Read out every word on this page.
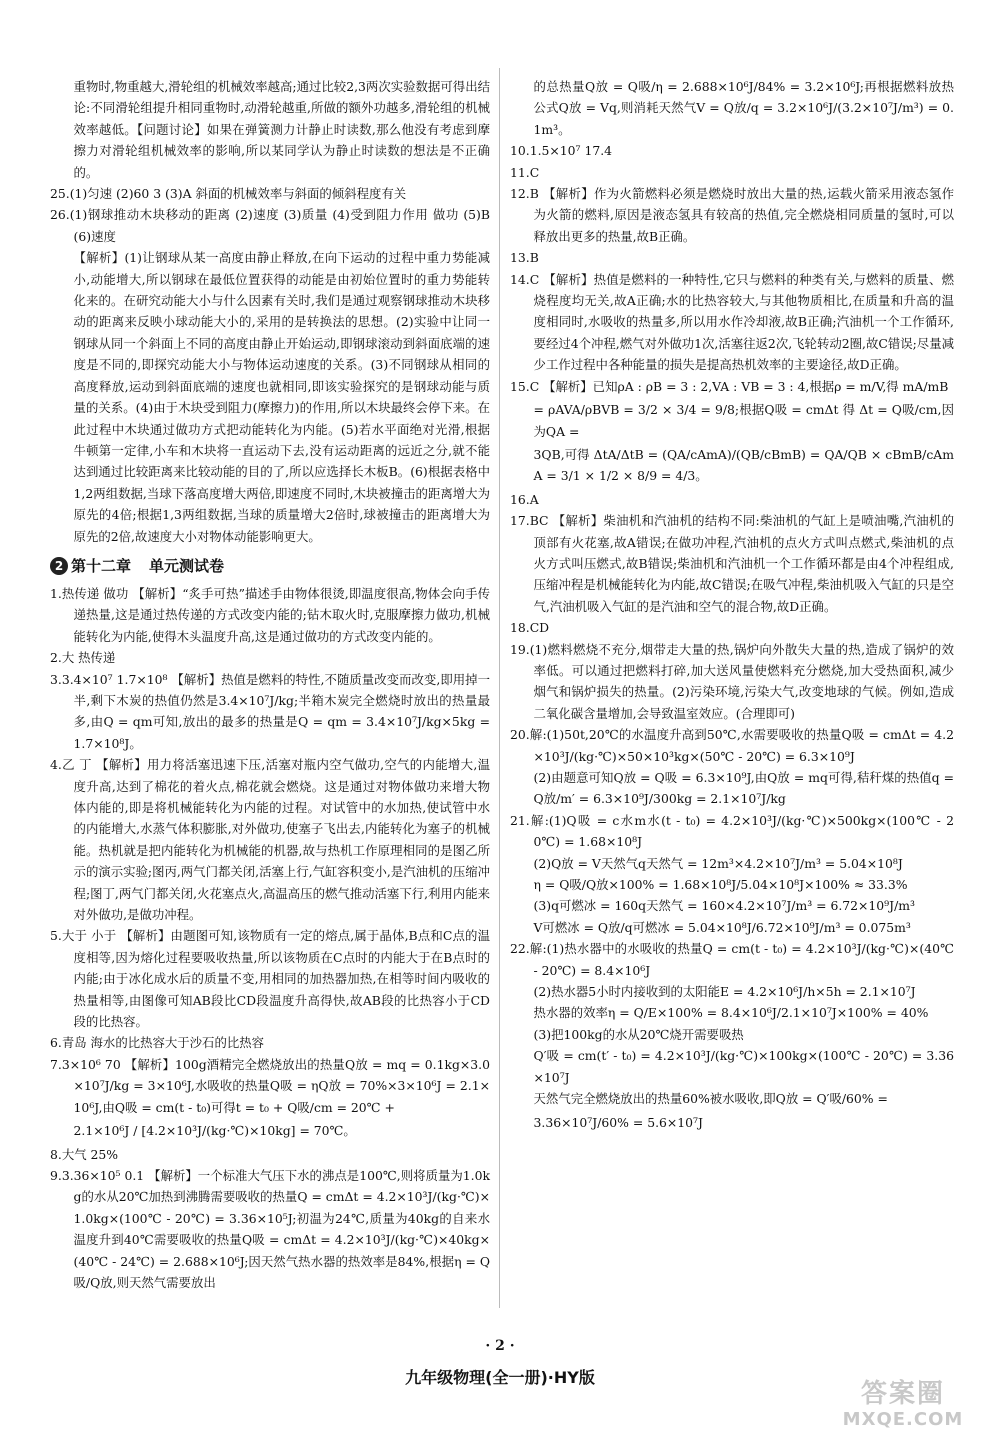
重物时,物重越大,滑轮组的机械效率越高;通过比较2,3两次实验数据可得出结论:不同滑轮组提升相同重物时,动滑轮越重,所做的额外功越多,滑轮组的机械效率越低。【问题讨论】如果在弹簧测力计静止时读数,那么他没有考虑到摩擦力对滑轮组机械效率的影响,所以某同学认为静止时读数的想法是不正确的。

25.(1)匀速 (2)60 3 (3)A 斜面的机械效率与斜面的倾斜程度有关

26.(1)钢球推动木块移动的距离 (2)速度 (3)质量 (4)受到阻力作用 做功 (5)B (6)速度

【解析】(1)让钢球从某一高度由静止释放,在向下运动的过程中重力势能减小,动能增大,所以钢球在最低位置获得的动能是由初始位置时的重力势能转化来的。在研究动能大小与什么因素有关时,我们是通过观察钢球推动木块移动的距离来反映小球动能大小的,采用的是转换法的思想。(2)实验中让同一钢球从同一个斜面上不同的高度由静止开始运动,即钢球滚动到斜面底端的速度是不同的,即探究动能大小与物体运动速度的关系。(3)不同钢球从相同的高度释放,运动到斜面底端的速度也就相同,即该实验探究的是钢球动能与质量的关系。(4)由于木块受到阻力(摩擦力)的作用,所以木块最终会停下来。在此过程中木块通过做功方式把动能转化为内能。(5)若水平面绝对光滑,根据牛顿第一定律,小车和木块将一直运动下去,没有运动距离的远近之分,就不能达到通过比较距离来比较动能的目的了,所以应选择长木板B。(6)根据表格中1,2两组数据,当球下落高度增大两倍,即速度不同时,木块被撞击的距离增大为原先的4倍;根据1,3两组数据,当球的质量增大2倍时,球被撞击的距离增大为原先的2倍,故速度大小对物体动能影响更大。

2 第十二章 单元测试卷

1.热传递 做功 【解析】“炙手可热”描述手由物体很烫,即温度很高,物体会向手传递热量,这是通过热传递的方式改变内能的;钻木取火时,克服摩擦力做功,机械能转化为内能,使得木头温度升高,这是通过做功的方式改变内能的。

2.大 热传递

3.3.4×10⁷ 1.7×10⁸ 【解析】热值是燃料的特性,不随质量改变而改变,即用掉一半,剩下木炭的热值仍然是3.4×10⁷J/kg;半箱木炭完全燃烧时放出的热量最多,由Q = qm可知,放出的最多的热量是Q = qm = 3.4×10⁷J/kg×5kg = 1.7×10⁸J。

4.乙 丁 【解析】用力将活塞迅速下压,活塞对瓶内空气做功,空气的内能增大,温度升高,达到了棉花的着火点,棉花就会燃烧。这是通过对物体做功来增大物体内能的,即是将机械能转化为内能的过程。对试管中的水加热,使试管中水的内能增大,水蒸气体积膨胀,对外做功,使塞子飞出去,内能转化为塞子的机械能。热机就是把内能转化为机械能的机器,故与热机工作原理相同的是图乙所示的演示实验;图丙,两气门都关闭,活塞上行,气缸容积变小,是汽油机的压缩冲程;图丁,两气门都关闭,火花塞点火,高温高压的燃气推动活塞下行,利用内能来对外做功,是做功冲程。

5.大于 小于 【解析】由题图可知,该物质有一定的熔点,属于晶体,B点和C点的温度相等,因为熔化过程要吸收热量,所以该物质在C点时的内能大于在B点时的内能;由于冰化成水后的质量不变,用相同的加热器加热,在相等时间内吸收的热量相等,由图像可知AB段比CD段温度升高得快,故AB段的比热容小于CD段的比热容。

6.青岛 海水的比热容大于沙石的比热容

7.3×10⁶ 70 【解析】100g酒精完全燃烧放出的热量Q放 = mq = 0.1kg×3.0×10⁷J/kg = 3×10⁶J,水吸收的热量Q吸 = ηQ放 = 70%×3×10⁶J = 2.1×10⁶J,由Q吸 = cm(t - t₀)可得t = t₀ + Q吸/cm = 20℃ +

2.1×10⁶J / [4.2×10³J/(kg·℃)×10kg] = 70℃。

8.大气 25%

9.3.36×10⁵ 0.1 【解析】一个标准大气压下水的沸点是100℃,则将质量为1.0kg的水从20℃加热到沸腾需要吸收的热量Q = cmΔt = 4.2×10³J/(kg·℃)×1.0kg×(100℃ - 20℃) = 3.36×10⁵J;初温为24℃,质量为40kg的自来水温度升到40℃需要吸收的热量Q吸 = cmΔt = 4.2×10³J/(kg·℃)×40kg×(40℃ - 24℃) = 2.688×10⁶J;因天然气热水器的热效率是84%,根据η = Q吸/Q放,则天然气需要放出

的总热量Q放 = Q吸/η = 2.688×10⁶J/84% = 3.2×10⁶J;再根据燃料放热公式Q放 = Vq,则消耗天然气V = Q放/q = 3.2×10⁶J/(3.2×10⁷J/m³) = 0.1m³。

10.1.5×10⁷ 17.4

11.C

12.B 【解析】作为火箭燃料必须是燃烧时放出大量的热,运载火箭采用液态氢作为火箭的燃料,原因是液态氢具有较高的热值,完全燃烧相同质量的氢时,可以释放出更多的热量,故B正确。

13.B

14.C 【解析】热值是燃料的一种特性,它只与燃料的种类有关,与燃料的质量、燃烧程度均无关,故A正确;水的比热容较大,与其他物质相比,在质量和升高的温度相同时,水吸收的热量多,所以用水作冷却液,故B正确;汽油机一个工作循环,要经过4个冲程,燃气对外做功1次,活塞往返2次,飞轮转动2圈,故C错误;尽量减少工作过程中各种能量的损失是提高热机效率的主要途径,故D正确。

15.C 【解析】已知ρA : ρB = 3 : 2,VA : VB = 3 : 4,根据ρ = m/V,得 mA/mB

= ρAVA/ρBVB = 3/2 × 3/4 = 9/8;根据Q吸 = cmΔt 得 Δt = Q吸/cm,因为QA =

3QB,可得 ΔtA/ΔtB = (QA/cAmA)/(QB/cBmB) = QA/QB × cBmB/cAmA = 3/1 × 1/2 × 8/9 = 4/3。

16.A

17.BC 【解析】柴油机和汽油机的结构不同:柴油机的气缸上是喷油嘴,汽油机的顶部有火花塞,故A错误;在做功冲程,汽油机的点火方式叫点燃式,柴油机的点火方式叫压燃式,故B错误;柴油机和汽油机一个工作循环都是由4个冲程组成,压缩冲程是机械能转化为内能,故C错误;在吸气冲程,柴油机吸入气缸的只是空气,汽油机吸入气缸的是汽油和空气的混合物,故D正确。

18.CD

19.(1)燃料燃烧不充分,烟带走大量的热,锅炉向外散失大量的热,造成了锅炉的效率低。可以通过把燃料打碎,加大送风量使燃料充分燃烧,加大受热面积,减少烟气和锅炉损失的热量。(2)污染环境,污染大气,改变地球的气候。例如,造成二氧化碳含量增加,会导致温室效应。(合理即可)

20.解:(1)50t,20℃的水温度升高到50℃,水需要吸收的热量Q吸 = cmΔt = 4.2×10³J/(kg·℃)×50×10³kg×(50℃ - 20℃) = 6.3×10⁹J

(2)由题意可知Q放 = Q吸 = 6.3×10⁹J,由Q放 = mq可得,秸秆煤的热值q = Q放/m′ = 6.3×10⁹J/300kg = 2.1×10⁷J/kg

21.解:(1)Q吸 = c水m水(t - t₀) = 4.2×10³J/(kg·℃)×500kg×(100℃ - 20℃) = 1.68×10⁸J

(2)Q放 = V天然气q天然气 = 12m³×4.2×10⁷J/m³ = 5.04×10⁸J

η = Q吸/Q放×100% = 1.68×10⁸J/5.04×10⁸J×100% ≈ 33.3%

(3)q可燃冰 = 160q天然气 = 160×4.2×10⁷J/m³ = 6.72×10⁹J/m³

V可燃冰 = Q放/q可燃冰 = 5.04×10⁸J/6.72×10⁹J/m³ = 0.075m³

22.解:(1)热水器中的水吸收的热量Q = cm(t - t₀) = 4.2×10³J/(kg·℃)×(40℃ - 20℃) = 8.4×10⁶J

(2)热水器5小时内接收到的太阳能E = 4.2×10⁶J/h×5h = 2.1×10⁷J

热水器的效率η = Q/E×100% = 8.4×10⁶J/2.1×10⁷J×100% = 40%

(3)把100kg的水从20℃烧开需要吸热

Q′吸 = cm(t′ - t₀) = 4.2×10³J/(kg·℃)×100kg×(100℃ - 20℃) = 3.36×10⁷J

天然气完全燃烧放出的热量60%被水吸收,即Q放 = Q′吸/60% =

3.36×10⁷J/60% = 5.6×10⁷J

· 2 ·
九年级物理(全一册)·HY版
答案圈
MXQE.COM
